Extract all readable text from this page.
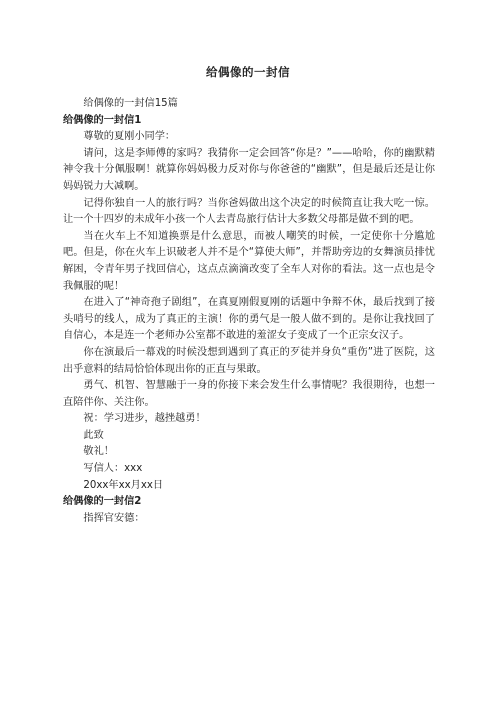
给偶像的一封信

给偶像的一封信15篇

给偶像的一封信1

尊敬的夏刚小同学：

请问，这是李师傅的家吗？我猜你一定会回答“你是？”——哈哈，你的幽默精神令我十分佩服啊！就算你妈妈极力反对你与你爸爸的“幽默”，但是最后还是让你妈妈锐力大减啊。

记得你独自一人的旅行吗？当你爸妈做出这个决定的时候简直让我大吃一惊。让一个十四岁的未成年小孩一个人去青岛旅行估计大多数父母都是做不到的吧。

当在火车上不知道换票是什么意思，而被人嘲笑的时候，一定使你十分尴尬吧。但是，你在火车上识破老人并不是个“算使大师”，并帮助旁边的女舞演员排忧解困，令青年男子找回信心，这点点滴滴改变了全车人对你的看法。这一点也是令我佩服的呢！

在进入了“神奇孢子剧组”，在真夏刚假夏刚的话题中争辩不休，最后找到了接头哨号的线人，成为了真正的主演！你的勇气是一般人做不到的。是你让我找回了自信心，本是连一个老师办公室都不敢进的羞涩女子变成了一个正宗女汉子。

你在演最后一幕戏的时候没想到遇到了真正的歹徒并身负“重伤”进了医院，这出乎意料的结局恰恰体现出你的正直与果敢。

勇气、机智、智慧融于一身的你接下来会发生什么事情呢？我很期待，也想一直陪伴你、关注你。

祝：学习进步，越挫越勇！

此致

敬礼！

写信人：xxx

20xx年xx月xx日

给偶像的一封信2

指挥官安德：
